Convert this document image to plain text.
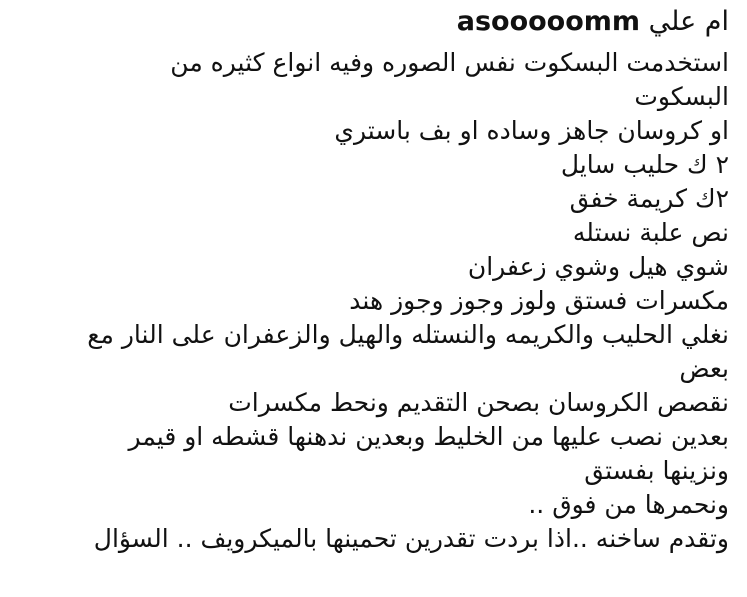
ام علي asooooomm
استخدمت البسكوت نفس الصوره وفيه انواع كثيره من
البسكوت
او كروسان جاهز وساده او بف باستري
٢ ك حليب سايل
٢ك كريمة خفق
نص علبة نستله
شوي هيل وشوي زعفران
مكسرات فستق ولوز وجوز وجوز هند
نغلي الحليب والكريمه والنستله والهيل والزعفران على النار مع
بعض
نقصص الكروسان بصحن التقديم ونحط مكسرات
بعدين نصب عليها من الخليط وبعدين ندهنها قشطه او قيمر
ونزينها بفستق
ونحمرها من فوق ..
وتقدم ساخنه ..اذا بردت تقدرين تحمينها بالميكرويف .. السؤال
